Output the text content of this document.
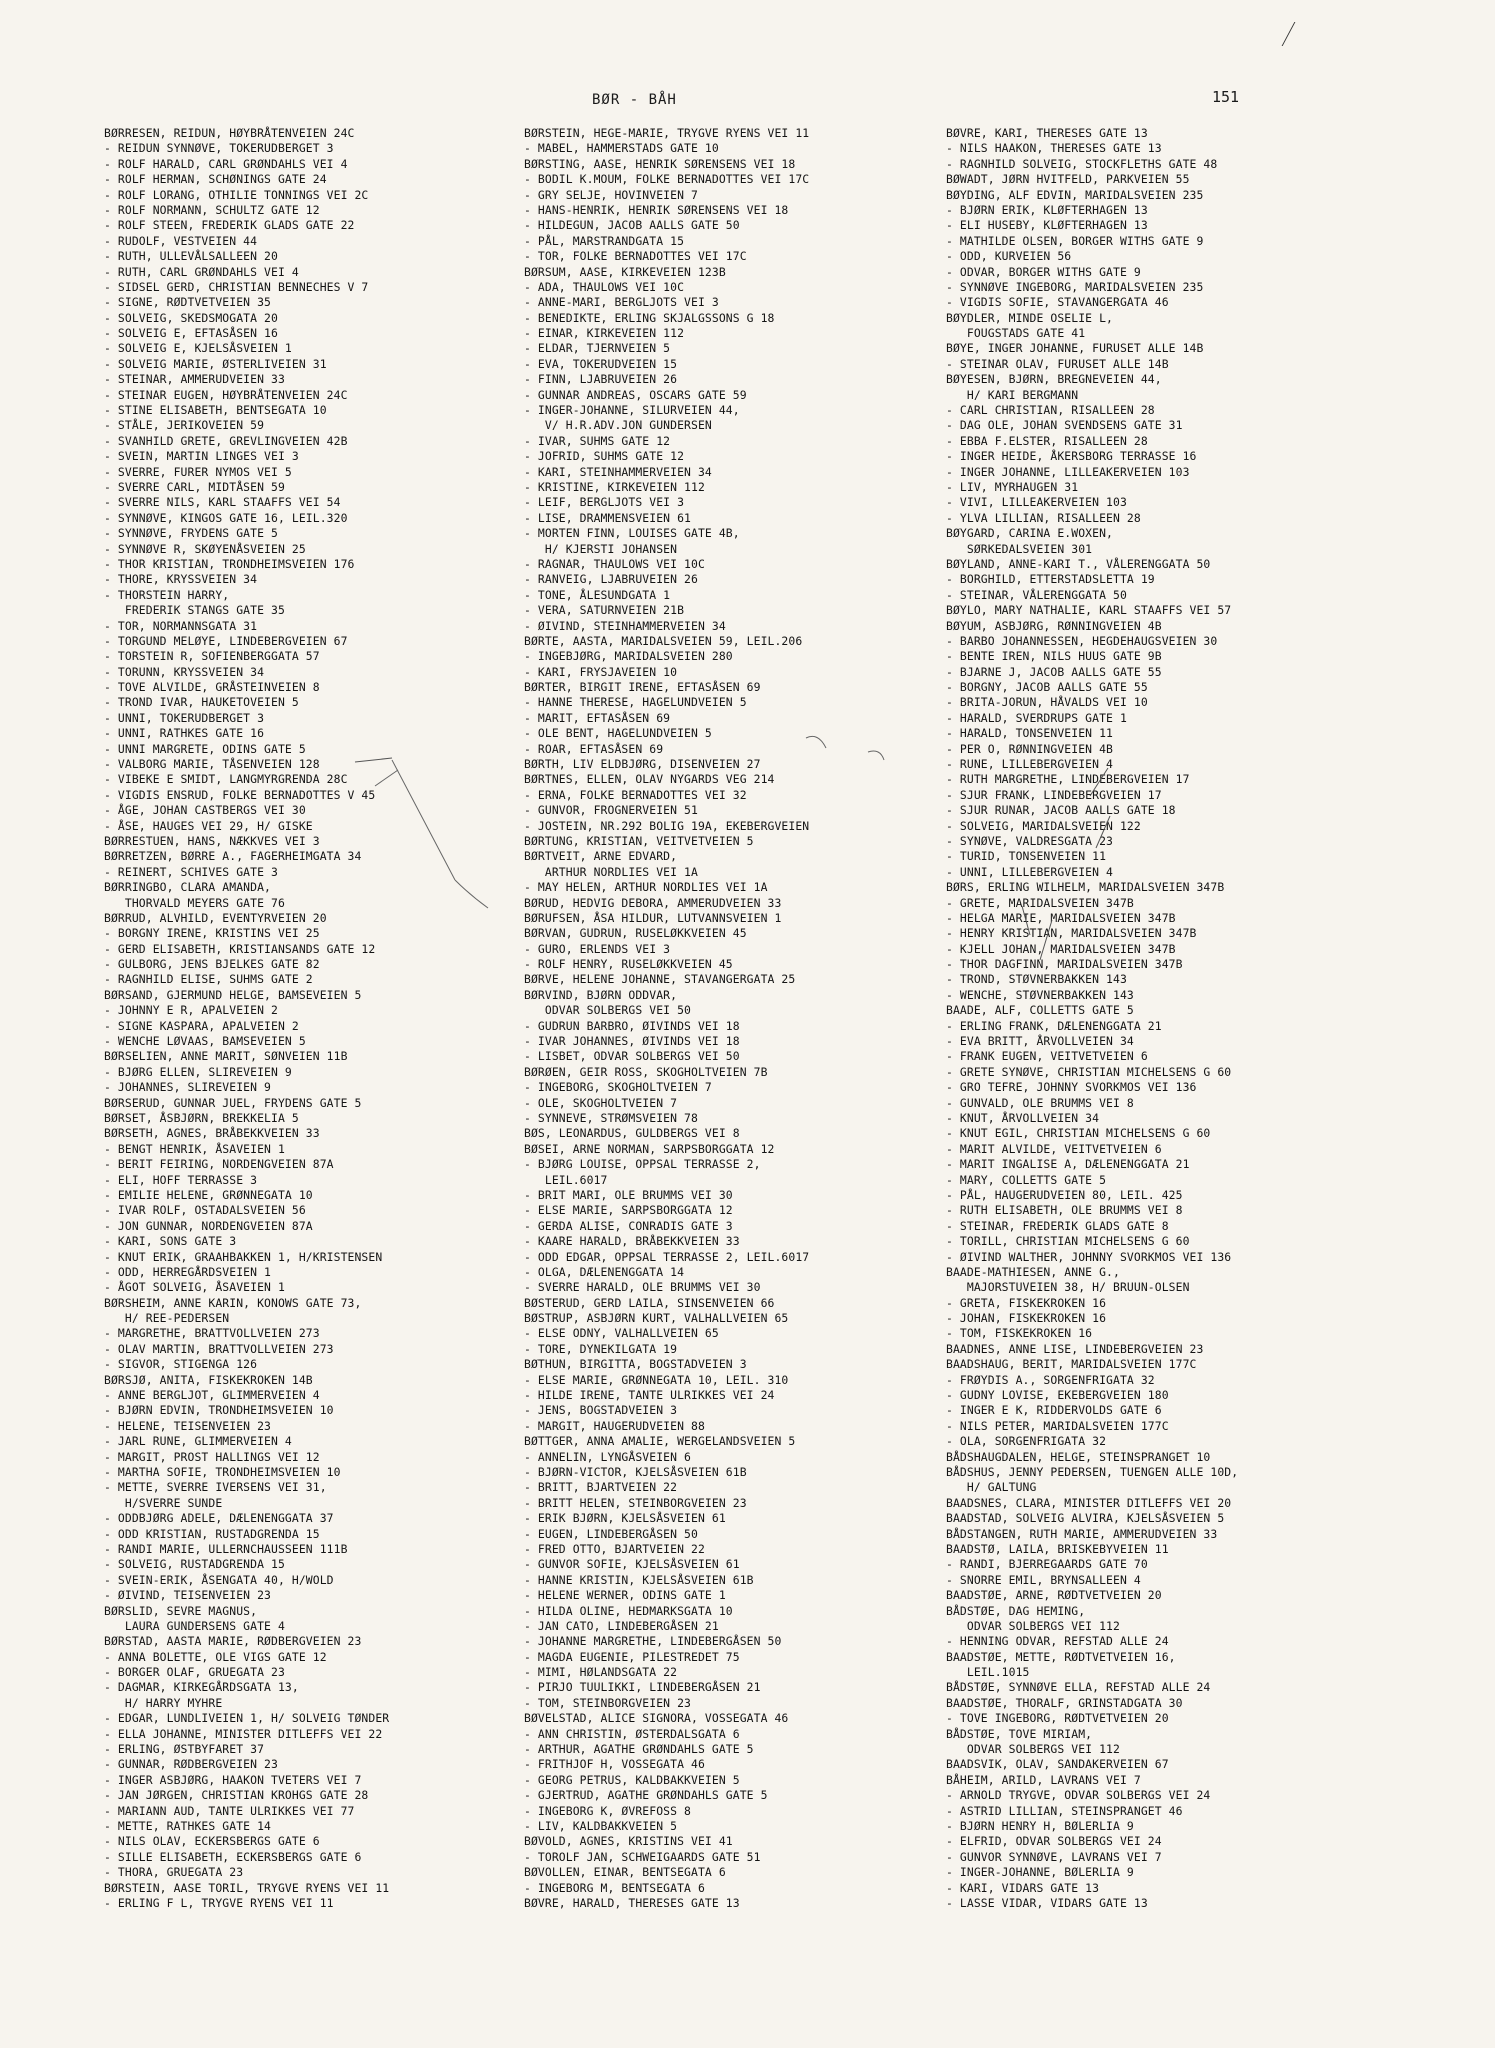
BØR - BÅH	151
BØRRESEN, REIDUN, HØYBRÅTENVEIEN 24C
- REIDUN SYNNØVE, TOKERUDBERGET 3
- ROLF HARALD, CARL GRØNDAHLS VEI 4
- ROLF HERMAN, SCHØNINGS GATE 24
- ROLF LORANG, OTHILIE TONNINGS VEI 2C
- ROLF NORMANN, SCHULTZ GATE 12
- ROLF STEEN, FREDERIK GLADS GATE 22
- RUDOLF, VESTVEIEN 44
- RUTH, ULLEVÅLSALLEEN 20
- RUTH, CARL GRØNDAHLS VEI 4
- SIDSEL GERD, CHRISTIAN BENNECHES V 7
- SIGNE, RØDTVETVEIEN 35
- SOLVEIG, SKEDSMOGATA 20
- SOLVEIG E, EFTASÅSEN 16
- SOLVEIG E, KJELSÅSVEIEN 1
- SOLVEIG MARIE, ØSTERLIVEIEN 31
- STEINAR, AMMERUDVEIEN 33
- STEINAR EUGEN, HØYBRÅTENVEIEN 24C
- STINE ELISABETH, BENTSEGATA 10
- STÅLE, JERIKOVEIEN 59
- SVANHILD GRETE, GREVLINGVEIEN 42B
- SVEIN, MARTIN LINGES VEI 3
- SVERRE, FURER NYMOS VEI 5
- SVERRE CARL, MIDTÅSEN 59
- SVERRE NILS, KARL STAAFFS VEI 54
- SYNNØVE, KINGOS GATE 16, LEIL.320
- SYNNØVE, FRYDENS GATE 5
- SYNNØVE R, SKØYENÅSVEIEN 25
- THOR KRISTIAN, TRONDHEIMSVEIEN 176
- THORE, KRYSSVEIEN 34
- THORSTEIN HARRY,
FREDERIK STANGS GATE 35
- TOR, NORMANNSGATA 31
- TORGUND MELØYE, LINDEBERGVEIEN 67
- TORSTEIN R, SOFIENBERGGATA 57
- TORUNN, KRYSSVEIEN 34
- TOVE ALVILDE, GRÅSTEINVEIEN 8
- TROND IVAR, HAUKETOVEIEN 5
- UNNI, TOKERUDBERGET 3
- UNNI, RATHKES GATE 16
- UNNI MARGRETE, ODINS GATE 5
- VALBORG MARIE, TÅSENVEIEN 128
- VIBEKE E SMIDT, LANGMYRGRENDA 28C
- VIGDIS ENSRUD, FOLKE BERNADOTTES V 45
- ÅGE, JOHAN CASTBERGS VEI 30
- ÅSE, HAUGES VEI 29, H/ GISKE
BØRRESTUEN, HANS, NÆKKVES VEI 3
BØRRETZEN, BØRRE A., FAGERHEIMGATA 34
- REINERT, SCHIVES GATE 3
BØRRINGBO, CLARA AMANDA,
THORVALD MEYERS GATE 76
BØRRUD, ALVHILD, EVENTYRVEIEN 20
- BORGNY IRENE, KRISTINS VEI 25
- GERD ELISABETH, KRISTIANSANDS GATE 12
- GULBORG, JENS BJELKES GATE 82
- RAGNHILD ELISE, SUHMS GATE 2
BØRSAND, GJERMUND HELGE, BAMSEVEIEN 5
- JOHNNY E R, APALVEIEN 2
- SIGNE KASPARA, APALVEIEN 2
- WENCHE LØVAAS, BAMSEVEIEN 5
BØRSELIEN, ANNE MARIT, SØNVEIEN 11B
- BJØRG ELLEN, SLIREVEIEN 9
- JOHANNES, SLIREVEIEN 9
BØRSERUD, GUNNAR JUEL, FRYDENS GATE 5
BØRSET, ÅSBJØRN, BREKKELIA 5
BØRSETH, AGNES, BRÅBEKKVEIEN 33
- BENGT HENRIK, ÅSAVEIEN 1
- BERIT FEIRING, NORDENGVEIEN 87A
- ELI, HOFF TERRASSE 3
- EMILIE HELENE, GRØNNEGATA 10
- IVAR ROLF, OSTADALSVEIEN 56
- JON GUNNAR, NORDENGVEIEN 87A
- KARI, SONS GATE 3
- KNUT ERIK, GRAAHBAKKEN 1, H/KRISTENSEN
- ODD, HERREGÅRDSVEIEN 1
- ÅGOT SOLVEIG, ÅSAVEIEN 1
BØRSHEIM, ANNE KARIN, KONOWS GATE 73,
H/ REE-PEDERSEN
- MARGRETHE, BRATTVOLLVEIEN 273
- OLAV MARTIN, BRATTVOLLVEIEN 273
- SIGVOR, STIGENGA 126
BØRSJØ, ANITA, FISKEKROKEN 14B
- ANNE BERGLJOT, GLIMMERVEIEN 4
- BJØRN EDVIN, TRONDHEIMSVEIEN 10
- HELENE, TEISENVEIEN 23
- JARL RUNE, GLIMMERVEIEN 4
- MARGIT, PROST HALLINGS VEI 12
- MARTHA SOFIE, TRONDHEIMSVEIEN 10
- METTE, SVERRE IVERSENS VEI 31,
H/SVERRE SUNDE
- ODDBJØRG ADELE, DÆLENENGGATA 37
- ODD KRISTIAN, RUSTADGRENDA 15
- RANDI MARIE, ULLERNCHAUSSEEN 111B
- SOLVEIG, RUSTADGRENDA 15
- SVEIN-ERIK, ÅSENGATA 40, H/WOLD
- ØIVIND, TEISENVEIEN 23
BØRSLID, SEVRE MAGNUS,
LAURA GUNDERSENS GATE 4
BØRSTAD, AASTA MARIE, RØDBERGVEIEN 23
- ANNA BOLETTE, OLE VIGS GATE 12
- BORGER OLAF, GRUEGATA 23
- DAGMAR, KIRKEGÅRDSGATA 13,
H/ HARRY MYHRE
- EDGAR, LUNDLIVEIEN 1, H/ SOLVEIG TØNDER
- ELLA JOHANNE, MINISTER DITLEFFS VEI 22
- ERLING, ØSTBYFARET 37
- GUNNAR, RØDBERGVEIEN 23
- INGER ASBJØRG, HAAKON TVETERS VEI 7
- JAN JØRGEN, CHRISTIAN KROHGS GATE 28
- MARIANN AUD, TANTE ULRIKKES VEI 77
- METTE, RATHKES GATE 14
- NILS OLAV, ECKERSBERGS GATE 6
- SILLE ELISABETH, ECKERSBERGS GATE 6
- THORA, GRUEGATA 23
BØRSTEIN, AASE TORIL, TRYGVE RYENS VEI 11
- ERLING F L, TRYGVE RYENS VEI 11
BØRSTEIN, HEGE-MARIE, TRYGVE RYENS VEI 11
- MABEL, HAMMERSTADS GATE 10
BØRSTING, AASE, HENRIK SØRENSENS VEI 18
- BODIL K.MOUM, FOLKE BERNADOTTES VEI 17C
- GRY SELJE, HOVINVEIEN 7
- HANS-HENRIK, HENRIK SØRENSENS VEI 18
- HILDEGUN, JACOB AALLS GATE 50
- PÅL, MARSTRANDGATA 15
- TOR, FOLKE BERNADOTTES VEI 17C
BØRSUM, AASE, KIRKEVEIEN 123B
- ADA, THAULOWS VEI 10C
- ANNE-MARI, BERGLJOTS VEI 3
- BENEDIKTE, ERLING SKJALGSSONS G 18
- EINAR, KIRKEVEIEN 112
- ELDAR, TJERNVEIEN 5
- EVA, TOKERUDVEIEN 15
- FINN, LJABRUVEIEN 26
- GUNNAR ANDREAS, OSCARS GATE 59
- INGER-JOHANNE, SILURVEIEN 44,
V/ H.R.ADV.JON GUNDERSEN
- IVAR, SUHMS GATE 12
- JOFRID, SUHMS GATE 12
- KARI, STEINHAMMERVEIEN 34
- KRISTINE, KIRKEVEIEN 112
- LEIF, BERGLJOTS VEI 3
- LISE, DRAMMENSVEIEN 61
- MORTEN FINN, LOUISES GATE 4B,
H/ KJERSTI JOHANSEN
- RAGNAR, THAULOWS VEI 10C
- RANVEIG, LJABRUVEIEN 26
- TONE, ÅLESUNDGATA 1
- VERA, SATURNVEIEN 21B
- ØIVIND, STEINHAMMERVEIEN 34
BØRTE, AASTA, MARIDALSVEIEN 59, LEIL.206
- INGEBJØRG, MARIDALSVEIEN 280
- KARI, FRYSJAVEIEN 10
BØRTER, BIRGIT IRENE, EFTASÅSEN 69
- HANNE THERESE, HAGELUNDVEIEN 5
- MARIT, EFTASÅSEN 69
- OLE BENT, HAGELUNDVEIEN 5
- ROAR, EFTASÅSEN 69
BØRTH, LIV ELDBJØRG, DISENVEIEN 27
BØRTNES, ELLEN, OLAV NYGARDS VEG 214
- ERNA, FOLKE BERNADOTTES VEI 32
- GUNVOR, FROGNERVEIEN 51
- JOSTEIN, NR.292 BOLIG 19A, EKEBERGVEIEN
BØRTUNG, KRISTIAN, VEITVETVEIEN 5
BØRTVEIT, ARNE EDVARD,
ARTHUR NORDLIES VEI 1A
- MAY HELEN, ARTHUR NORDLIES VEI 1A
BØRUD, HEDVIG DEBORA, AMMERUDVEIEN 33
BØRUFSEN, ÅSA HILDUR, LUTVANNSVEIEN 1
BØRVAN, GUDRUN, RUSELØKKVEIEN 45
- GURO, ERLENDS VEI 3
- ROLF HENRY, RUSELØKKVEIEN 45
BØRVE, HELENE JOHANNE, STAVANGERGATA 25
BØRVIND, BJØRN ODDVAR,
ODVAR SOLBERGS VEI 50
- GUDRUN BARBRO, ØIVINDS VEI 18
- IVAR JOHANNES, ØIVINDS VEI 18
- LISBET, ODVAR SOLBERGS VEI 50
BØRØEN, GEIR ROSS, SKOGHOLTVEIEN 7B
- INGEBORG, SKOGHOLTVEIEN 7
- OLE, SKOGHOLTVEIEN 7
- SYNNEVE, STRØMSVEIEN 78
BØS, LEONARDUS, GULDBERGS VEI 8
BØSEI, ARNE NORMAN, SARPSBORGGATA 12
- BJØRG LOUISE, OPPSAL TERRASSE 2,
LEIL.6017
- BRIT MARI, OLE BRUMMS VEI 30
- ELSE MARIE, SARPSBORGGATA 12
- GERDA ALISE, CONRADIS GATE 3
- KAARE HARALD, BRÅBEKKVEIEN 33
- ODD EDGAR, OPPSAL TERRASSE 2, LEIL.6017
- OLGA, DÆLENENGGATA 14
- SVERRE HARALD, OLE BRUMMS VEI 30
BØSTERUD, GERD LAILA, SINSENVEIEN 66
BØSTRUP, ASBJØRN KURT, VALHALLVEIEN 65
- ELSE ODNY, VALHALLVEIEN 65
- TORE, DYNEKILGATA 19
BØTHUN, BIRGITTA, BOGSTADVEIEN 3
- ELSE MARIE, GRØNNEGATA 10, LEIL. 310
- HILDE IRENE, TANTE ULRIKKES VEI 24
- JENS, BOGSTADVEIEN 3
- MARGIT, HAUGERUDVEIEN 88
BØTTGER, ANNA AMALIE, WERGELANDSVEIEN 5
- ANNELIN, LYNGÅSVEIEN 6
- BJØRN-VICTOR, KJELSÅSVEIEN 61B
- BRITT, BJARTVEIEN 22
- BRITT HELEN, STEINBORGVEIEN 23
- ERIK BJØRN, KJELSÅSVEIEN 61
- EUGEN, LINDEBERGÅSEN 50
- FRED OTTO, BJARTVEIEN 22
- GUNVOR SOFIE, KJELSÅSVEIEN 61
- HANNE KRISTIN, KJELSÅSVEIEN 61B
- HELENE WERNER, ODINS GATE 1
- HILDA OLINE, HEDMARKSGATA 10
- JAN CATO, LINDEBERGÅSEN 21
- JOHANNE MARGRETHE, LINDEBERGÅSEN 50
- MAGDA EUGENIE, PILESTREDET 75
- MIMI, HØLANDSGATA 22
- PIRJO TUULIKKI, LINDEBERGÅSEN 21
- TOM, STEINBORGVEIEN 23
BØVELSTAD, ALICE SIGNORA, VOSSEGATA 46
- ANN CHRISTIN, ØSTERDALSGATA 6
- ARTHUR, AGATHE GRØNDAHLS GATE 5
- FRITHJOF H, VOSSEGATA 46
- GEORG PETRUS, KALDBAKKVEIEN 5
- GJERTRUD, AGATHE GRØNDAHLS GATE 5
- INGEBORG K, ØVREFOSS 8
- LIV, KALDBAKKVEIEN 5
BØVOLD, AGNES, KRISTINS VEI 41
- TOROLF JAN, SCHWEIGAARDS GATE 51
BØVOLLEN, EINAR, BENTSEGATA 6
- INGEBORG M, BENTSEGATA 6
BØVRE, HARALD, THERESES GATE 13
BØVRE, KARI, THERESES GATE 13
- NILS HAAKON, THERESES GATE 13
- RAGNHILD SOLVEIG, STOCKFLETHS GATE 48
BØWADT, JØRN HVITFELD, PARKVEIEN 55
BØYDING, ALF EDVIN, MARIDALSVEIEN 235
- BJØRN ERIK, KLØFTERHAGEN 13
- ELI HUSEBY, KLØFTERHAGEN 13
- MATHILDE OLSEN, BORGER WITHS GATE 9
- ODD, KURVEIEN 56
- ODVAR, BORGER WITHS GATE 9
- SYNNØVE INGEBORG, MARIDALSVEIEN 235
- VIGDIS SOFIE, STAVANGERGATA 46
BØYDLER, MINDE OSELIE L,
FOUGSTADS GATE 41
BØYE, INGER JOHANNE, FURUSET ALLE 14B
- STEINAR OLAV, FURUSET ALLE 14B
BØYESEN, BJØRN, BREGNEVEIEN 44,
H/ KARI BERGMANN
- CARL CHRISTIAN, RISALLEEN 28
- DAG OLE, JOHAN SVENDSENS GATE 31
- EBBA F.ELSTER, RISALLEEN 28
- INGER HEIDE, ÅKERSBORG TERRASSE 16
- INGER JOHANNE, LILLEAKERVEIEN 103
- LIV, MYRHAUGEN 31
- VIVI, LILLEAKERVEIEN 103
- YLVA LILLIAN, RISALLEEN 28
BØYGARD, CARINA E.WOXEN,
SØRKEDALSVEIEN 301
BØYLAND, ANNE-KARI T., VÅLERENGGATA 50
- BORGHILD, ETTERSTADSLETTA 19
- STEINAR, VÅLERENGGATA 50
BØYLO, MARY NATHALIE, KARL STAAFFS VEI 57
BØYUM, ASBJØRG, RØNNINGVEIEN 4B
- BARBO JOHANNESSEN, HEGDEHAUGSVEIEN 30
- BENTE IREN, NILS HUUS GATE 9B
- BJARNE J, JACOB AALLS GATE 55
- BORGNY, JACOB AALLS GATE 55
- BRITA-JORUN, HÅVALDS VEI 10
- HARALD, SVERDRUPS GATE 1
- HARALD, TONSENVEIEN 11
- PER O, RØNNINGVEIEN 4B
- RUNE, LILLEBERGVEIEN 4
- RUTH MARGRETHE, LINDEBERGVEIEN 17
- SJUR FRANK, LINDEBERGVEIEN 17
- SJUR RUNAR, JACOB AALLS GATE 18
- SOLVEIG, MARIDALSVEIEN 122
- SYNØVE, VALDRESGATA 23
- TURID, TONSENVEIEN 11
- UNNI, LILLEBERGVEIEN 4
BØRS, ERLING WILHELM, MARIDALSVEIEN 347B
- GRETE, MARIDALSVEIEN 347B
- HELGA MARIE, MARIDALSVEIEN 347B
- HENRY KRISTIAN, MARIDALSVEIEN 347B
- KJELL JOHAN, MARIDALSVEIEN 347B
- THOR DAGFINN, MARIDALSVEIEN 347B
- TROND, STØVNERBAKKEN 143
- WENCHE, STØVNERBAKKEN 143
BAADE, ALF, COLLETTS GATE 5
- ERLING FRANK, DÆLENENGGATA 21
- EVA BRITT, ÅRVOLLVEIEN 34
- FRANK EUGEN, VEITVETVEIEN 6
- GRETE SYNØVE, CHRISTIAN MICHELSENS G 60
- GRO TEFRE, JOHNNY SVORKMOS VEI 136
- GUNVALD, OLE BRUMMS VEI 8
- KNUT, ÅRVOLLVEIEN 34
- KNUT EGIL, CHRISTIAN MICHELSENS G 60
- MARIT ALVILDE, VEITVETVEIEN 6
- MARIT INGALISE A, DÆLENENGGATA 21
- MARY, COLLETTS GATE 5
- PÅL, HAUGERUDVEIEN 80, LEIL. 425
- RUTH ELISABETH, OLE BRUMMS VEI 8
- STEINAR, FREDERIK GLADS GATE 8
- TORILL, CHRISTIAN MICHELSENS G 60
- ØIVIND WALTHER, JOHNNY SVORKMOS VEI 136
BAADE-MATHIESEN, ANNE G.,
MAJORSTUVEIEN 38, H/ BRUUN-OLSEN
- GRETA, FISKEKROKEN 16
- JOHAN, FISKEKROKEN 16
- TOM, FISKEKROKEN 16
BAADNES, ANNE LISE, LINDEBERGVEIEN 23
BAADSHAUG, BERIT, MARIDALSVEIEN 177C
- FRØYDIS A., SORGENFRIGATA 32
- GUDNY LOVISE, EKEBERGVEIEN 180
- INGER E K, RIDDERVOLDS GATE 6
- NILS PETER, MARIDALSVEIEN 177C
- OLA, SORGENFRIGATA 32
BÅDSHAUGDALEN, HELGE, STEINSPRANGET 10
BÅDSHUS, JENNY PEDERSEN, TUENGEN ALLE 10D,
H/ GALTUNG
BAADSNES, CLARA, MINISTER DITLEFFS VEI 20
BAADSTAD, SOLVEIG ALVIRA, KJELSÅSVEIEN 5
BÅDSTANGEN, RUTH MARIE, AMMERUDVEIEN 33
BAADSTØ, LAILA, BRISKEBYVEIEN 11
- RANDI, BJERREGAARDS GATE 70
- SNORRE EMIL, BRYNSALLEEN 4
BAADSTØE, ARNE, RØDTVETVEIEN 20
BÅDSTØE, DAG HEMING,
ODVAR SOLBERGS VEI 112
- HENNING ODVAR, REFSTAD ALLE 24
BAADSTØE, METTE, RØDTVETVEIEN 16,
LEIL.1015
BÅDSTØE, SYNNØVE ELLA, REFSTAD ALLE 24
BAADSTØE, THORALF, GRINSTADGATA 30
- TOVE INGEBORG, RØDTVETVEIEN 20
BÅDSTØE, TOVE MIRIAM,
ODVAR SOLBERGS VEI 112
BAADSVIK, OLAV, SANDAKERVEIEN 67
BÅHEIM, ARILD, LAVRANS VEI 7
- ARNOLD TRYGVE, ODVAR SOLBERGS VEI 24
- ASTRID LILLIAN, STEINSPRANGET 46
- BJØRN HENRY H, BØLERLIA 9
- ELFRID, ODVAR SOLBERGS VEI 24
- GUNVOR SYNNØVE, LAVRANS VEI 7
- INGER-JOHANNE, BØLERLIA 9
- KARI, VIDARS GATE 13
- LASSE VIDAR, VIDARS GATE 13
